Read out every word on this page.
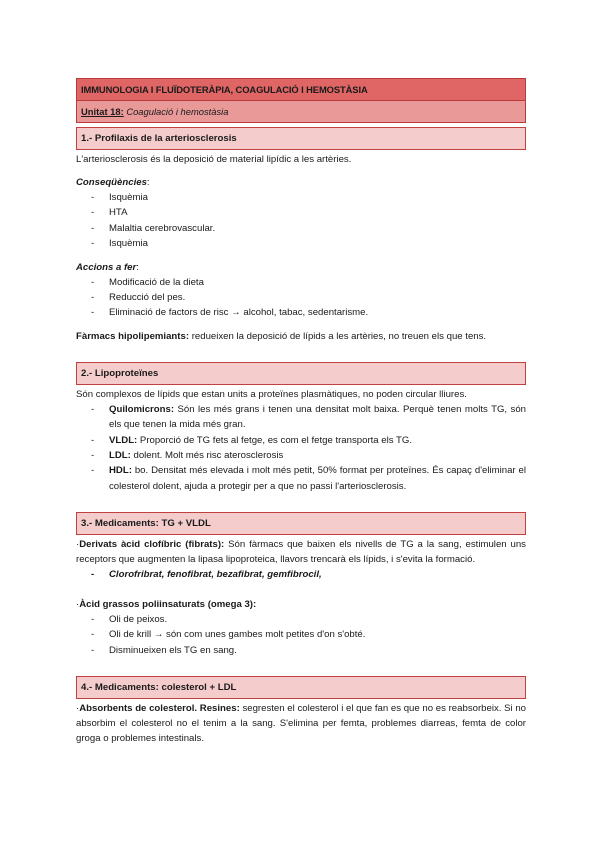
IMMUNOLOGIA I FLUÏDOTERÀPIA, COAGULACIÓ I HEMOSTÀSIA
Unitat 18: Coagulació i hemostàsia
1.- Profilaxis de la arteriosclerosis

L'arteriosclerosis és la deposició de material lipídic a les artèries.

Conseqüències:

- Isquèmia
- HTA
- Malaltia cerebrovascular.
- Isquèmia

Accions a fer:

- Modificació de la dieta
- Reducció del pes.
- Eliminació de factors de risc → alcohol, tabac, sedentarisme.

Fàrmacs hipolipemiants: redueixen la deposició de lípids a les artèries, no treuen els que tens.

2.- Lipoproteïnes

Són complexos de lípids que estan units a proteïnes plasmàtiques, no poden circular lliures.

- Quilomicrons: Són les més grans i tenen una densitat molt baixa. Perquè tenen molts TG, són els que tenen la mida més gran.
- VLDL: Proporció de TG fets al fetge, es com el fetge transporta els TG.
- LDL: dolent. Molt més risc aterosclerosis
- HDL: bo. Densitat més elevada i molt més petit, 50% format per proteïnes. És capaç d'eliminar el colesterol dolent, ajuda a protegir per a que no passi l'arteriosclerosis.
3.- Medicaments: TG + VLDL

·Derivats àcid clofíbric (fibrats): Són fàrmacs que baixen els nivells de TG a la sang, estimulen uns receptors que augmenten la lipasa lipoproteica, llavors trencarà els lípids, i s'evita la formació.

- Clorofribrat, fenofibrat, bezafibrat, gemfibrocil,

·Àcid grassos poliinsaturats (omega 3):

- Oli de peixos.
- Oli de krill → són com unes gambes molt petites d'on s'obté.
- Disminueixen els TG en sang.
4.- Medicaments: colesterol + LDL

·Absorbents de colesterol. Resines: segresten el colesterol i el que fan es que no es reabsorbeix. Si no absorbim el colesterol no el tenim a la sang. S'elimina per femta, problemes diarreas, femta de color groga o problemes intestinals.
